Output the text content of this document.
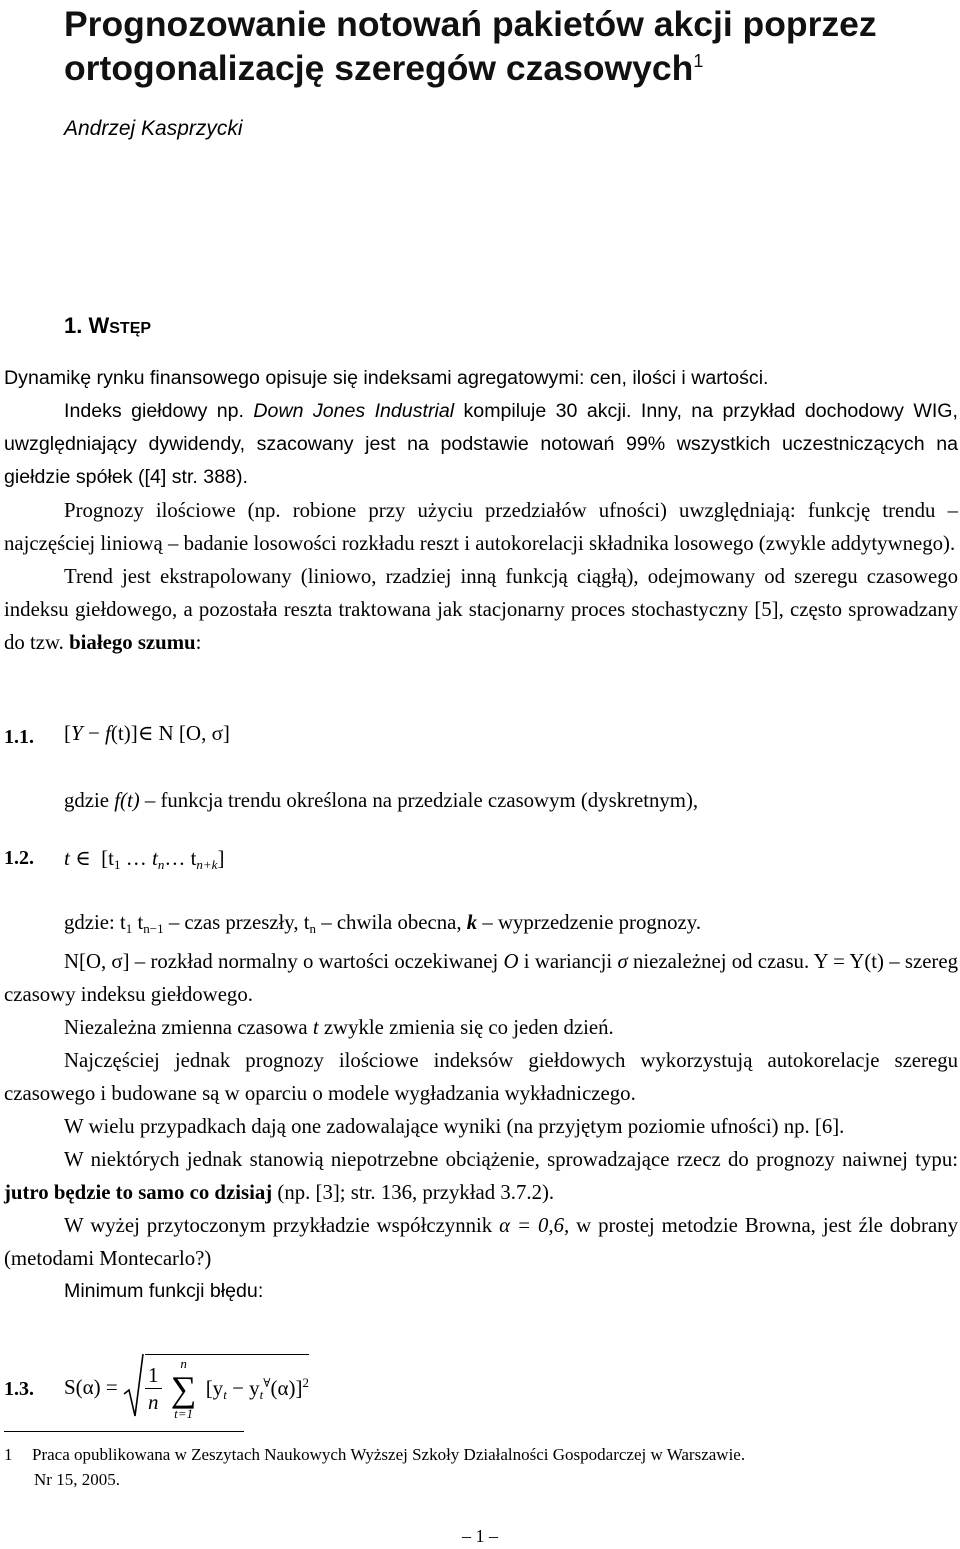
Prognozowanie notowań pakietów akcji poprzez
ortogonalizację szeregów czasowych$^1$
Andrzej Kasprzycki
1. WSTĘP

Dynamikę rynku finansowego opisuje się indeksami agregatowymi: cen, ilości i wartości.

Indeks giełdowy np. Down Jones Industrial kompiluje 30 akcji. Inny, na przykład dochodowy WIG, uwzględniający dywidendy, szacowany jest na podstawie notowań 99% wszystkich uczestniczących na giełdzie spółek ([4] str. 388).

Prognozy ilościowe (np. robione przy użyciu przedziałów ufności) uwzględniają: funkcję trendu – najczęściej liniową – badanie losowości rozkładu reszt i autokorelacji składnika losowego (zwykle addytywnego).

Trend jest ekstrapolowany (liniowo, rzadziej inną funkcją ciągłą), odejmowany od szeregu czasowego indeksu giełdowego, a pozostała reszta traktowana jak stacjonarny proces stochastyczny [5], często sprowadzany do tzw. białego szumu:

1.1. [Y − f(t)]∈ N [O, σ]

gdzie f(t) – funkcja trendu określona na przedziale czasowym (dyskretnym),

1.2. t ∈ [$t_1$ … $t_n\dots$ $t_{n+k}$]

gdzie: $t_1$ $t_{n-1}$ – czas przeszły, $t_n$ – chwila obecna, k – wyprzedzenie prognozy.

N[O, σ] – rozkład normalny o wartości oczekiwanej O i wariancji σ niezależnej od czasu. Y = Y(t) – szereg czasowy indeksu giełdowego.

Niezależna zmienna czasowa t zwykle zmienia się co jeden dzień.

Najczęściej jednak prognozy ilościowe indeksów giełdowych wykorzystują autokorelacje szeregu czasowego i budowane są w oparciu o modele wygładzania wykładniczego.

W wielu przypadkach dają one zadowalające wyniki (na przyjętym poziomie ufności) np. [6].

W niektórych jednak stanowią niepotrzebne obciążenie, sprowadzające rzecz do prognozy naiwnej typu: jutro będzie to samo co dzisiaj (np. [3]; str. 136, przykład 3.7.2).

W wyżej przytoczonym przykładzie współczynnik α = 0,6, w prostej metodzie Browna, jest źle dobrany (metodami Montecarlo?)

Minimum funkcji błędu:

1.3. $S(\alpha) = \frac{1}{n}$
	n
∑
t=1
$[y_t - y_t^\forall(\alpha)]^2$
1 Praca opublikowana w Zeszytach Naukowych Wyższej Szkoły Działalności Gospodarczej w Warszawie.
Nr 15, 2005.
– 1 –
